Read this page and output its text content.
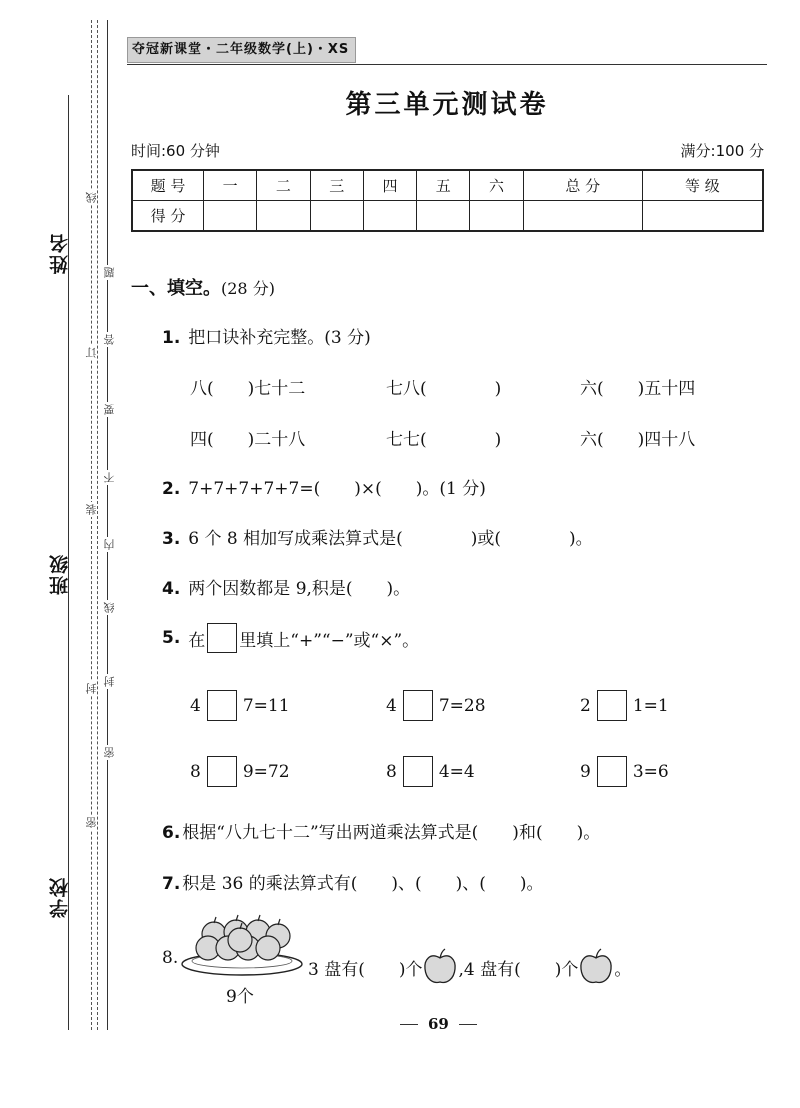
姓名
班级
学校
密
封
线
内
不
要
答
题
密
封
装
订
线
夺冠新课堂・二年级数学(上)・XS
第三单元测试卷
时间:60 分钟	满分:100 分
题 号	一	二	三	四	五	六	总 分	等 级
得 分								
一、填空。(28 分)
1. 把口诀补充完整。(3 分)
八(　　)七十二	七八(　　　　)	六(　　)五十四
四(　　)二十八	七七(　　　　)	六(　　)四十八
2. 7+7+7+7+7=(　　)×(　　)。(1 分)
3. 6 个 8 相加写成乘法算式是(　　　　)或(　　　　)。
4. 两个因数都是 9,积是(　　)。
5. 在 里填上“+”“−”或“×”。
4 7=11	4 7=28	2 1=1
8 9=72	8 4=4	9 3=6
6. 根据“八九七十二”写出两道乘法算式是(　　)和(　　)。
7. 积是 36 的乘法算式有(　　)、(　　)、(　　)。
8.
9个
3 盘有(　　)个 ,4 盘有(　　)个 。
69
